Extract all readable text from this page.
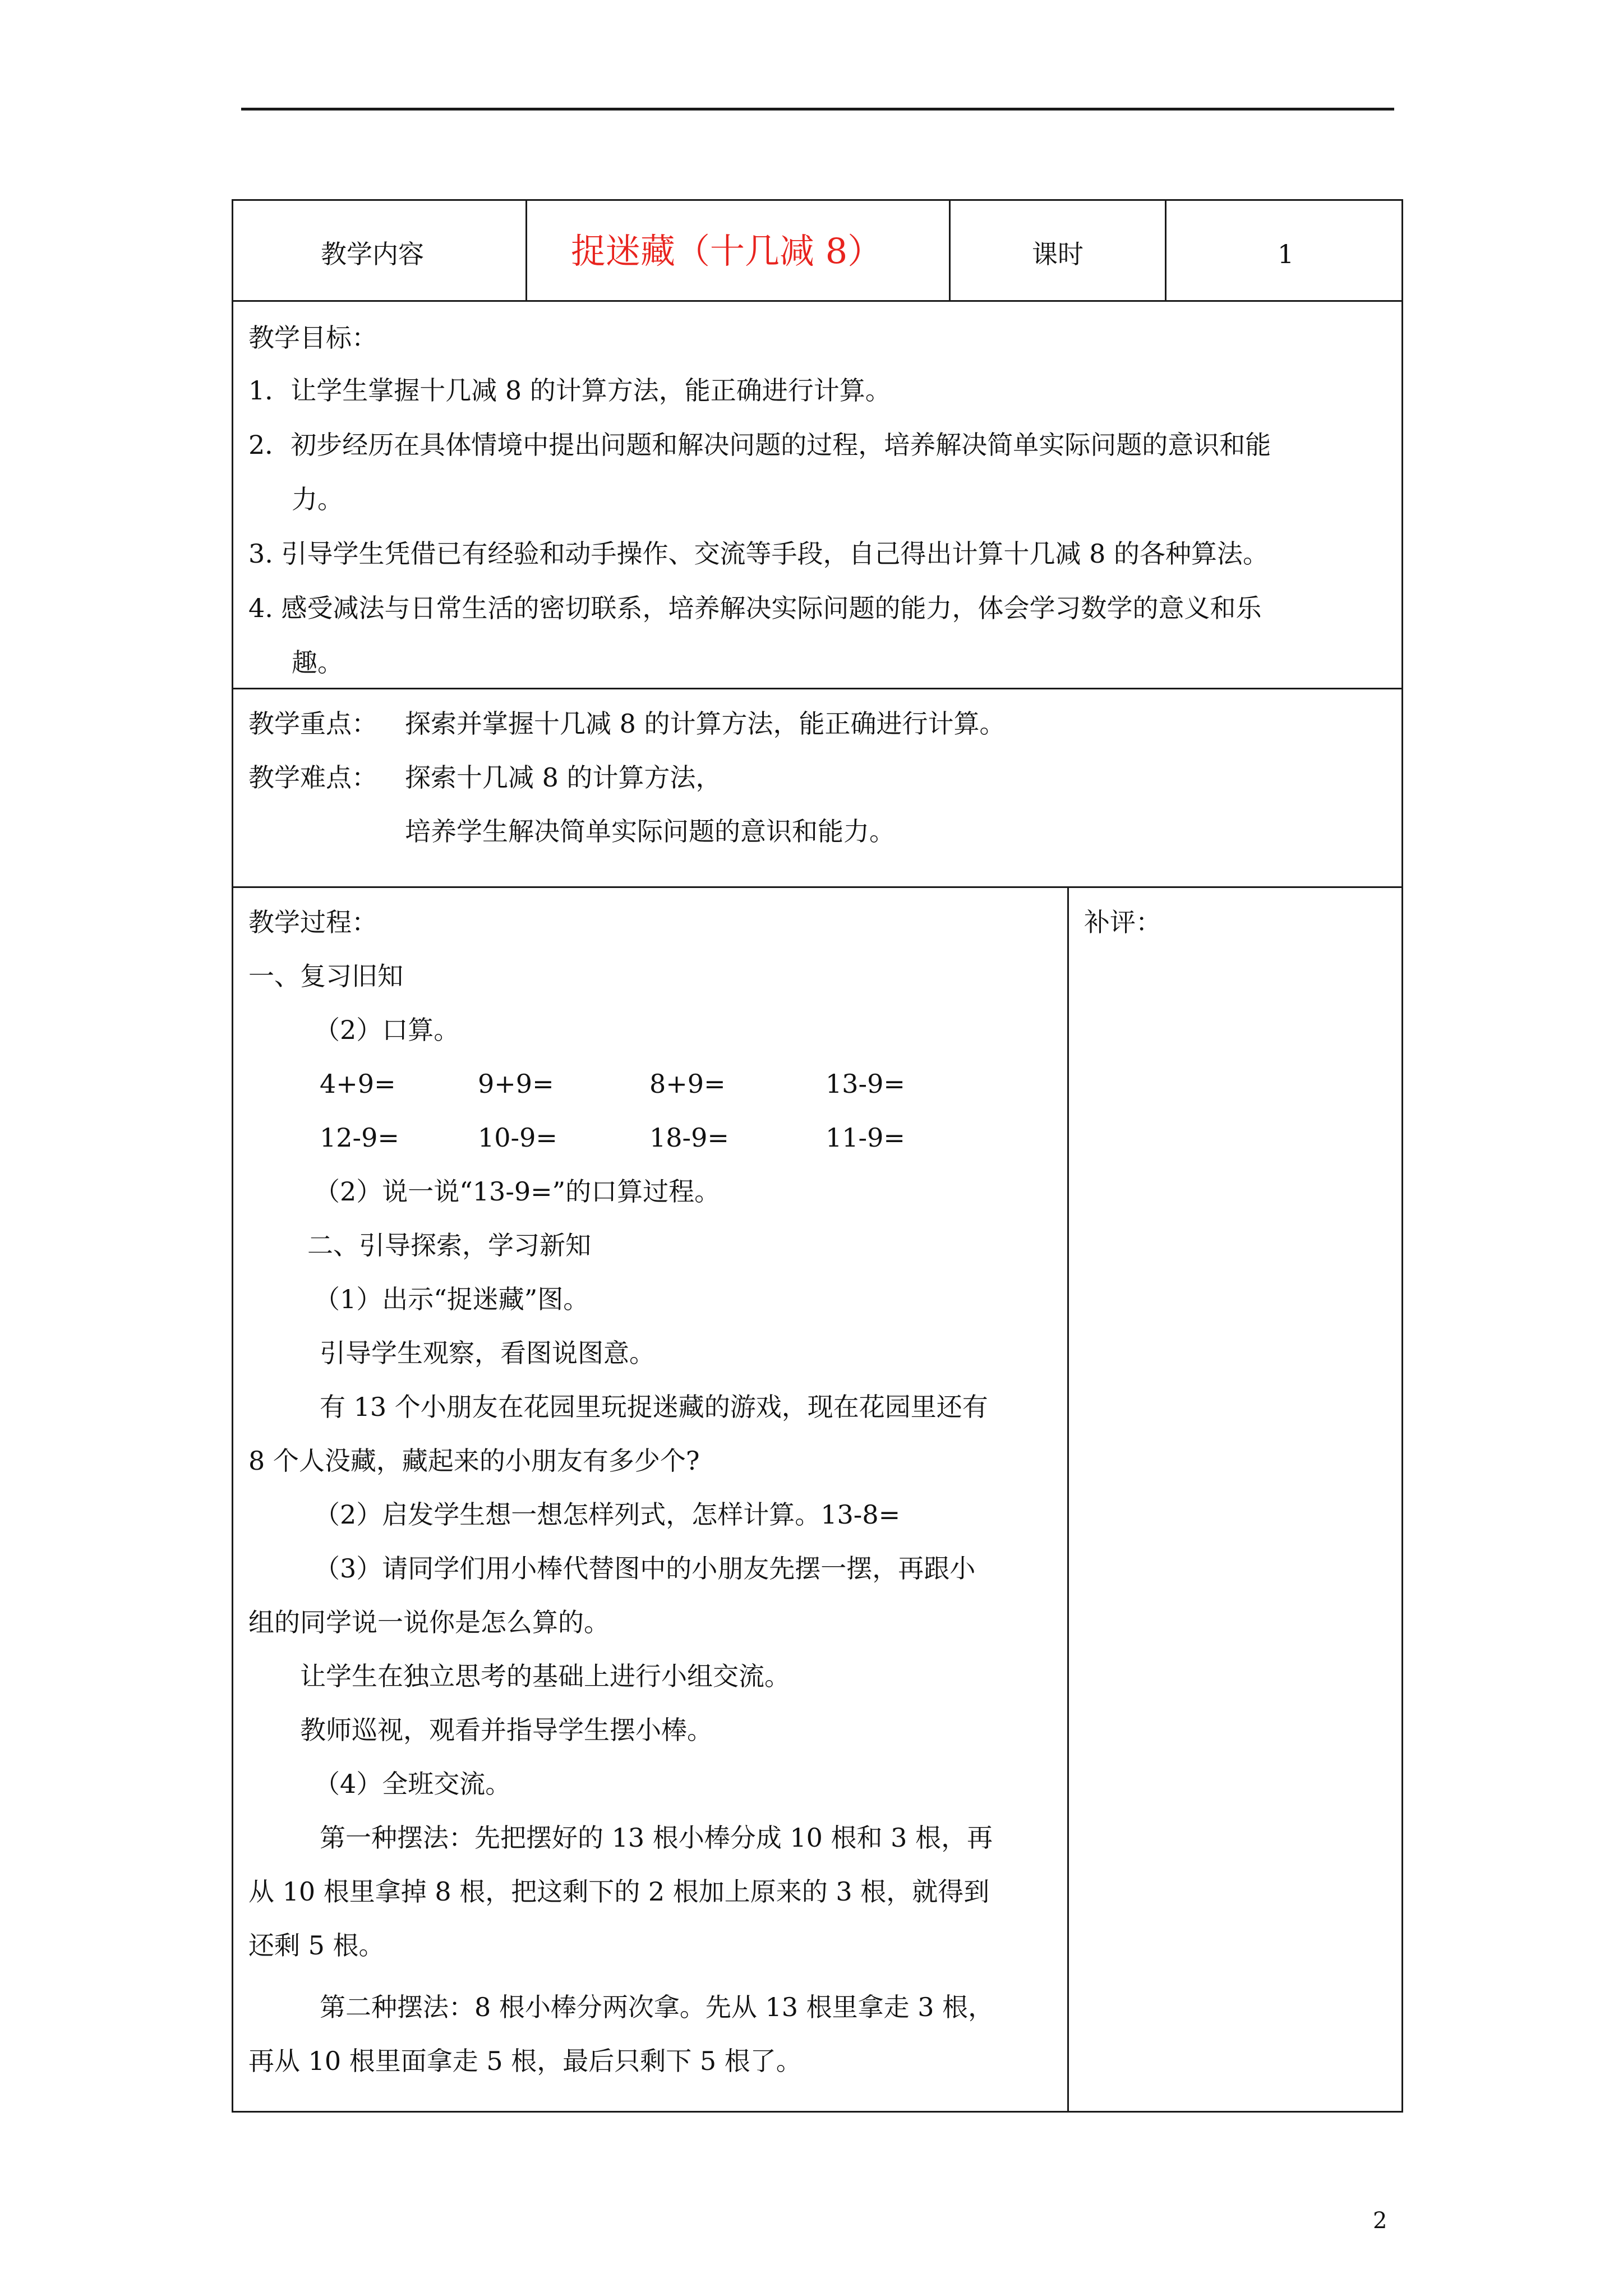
教学内容	捉迷藏（十几减 8）	课时	1
教学目标：
1．让学生掌握十几减 8 的计算方法，能正确进行计算。
2．初步经历在具体情境中提出问题和解决问题的过程，培养解决简单实际问题的意识和能
力。
3. 引导学生凭借已有经验和动手操作、交流等手段，自己得出计算十几减 8 的各种算法。
4. 感受减法与日常生活的密切联系，培养解决实际问题的能力，体会学习数学的意义和乐
趣。
教学重点： 探索并掌握十几减 8 的计算方法，能正确进行计算。
教学难点： 探索十几减 8 的计算方法，
培养学生解决简单实际问题的意识和能力。
教学过程：	补评：
一、复习旧知
（2）口算。
4+9=	9+9=	8+9=	13-9=
12-9=	10-9=	18-9=	11-9=
（2）说一说“13-9=”的口算过程。
二、引导探索，学习新知
（1）出示“捉迷藏”图。
引导学生观察，看图说图意。
有 13 个小朋友在花园里玩捉迷藏的游戏，现在花园里还有
8 个人没藏，藏起来的小朋友有多少个?
（2）启发学生想一想怎样列式，怎样计算。13-8=
（3）请同学们用小棒代替图中的小朋友先摆一摆，再跟小
组的同学说一说你是怎么算的。
让学生在独立思考的基础上进行小组交流。
教师巡视，观看并指导学生摆小棒。
（4）全班交流。
第一种摆法：先把摆好的 13 根小棒分成 10 根和 3 根，再
从 10 根里拿掉 8 根，把这剩下的 2 根加上原来的 3 根，就得到
还剩 5 根。
第二种摆法：8 根小棒分两次拿。先从 13 根里拿走 3 根，
再从 10 根里面拿走 5 根，最后只剩下 5 根了。
2
